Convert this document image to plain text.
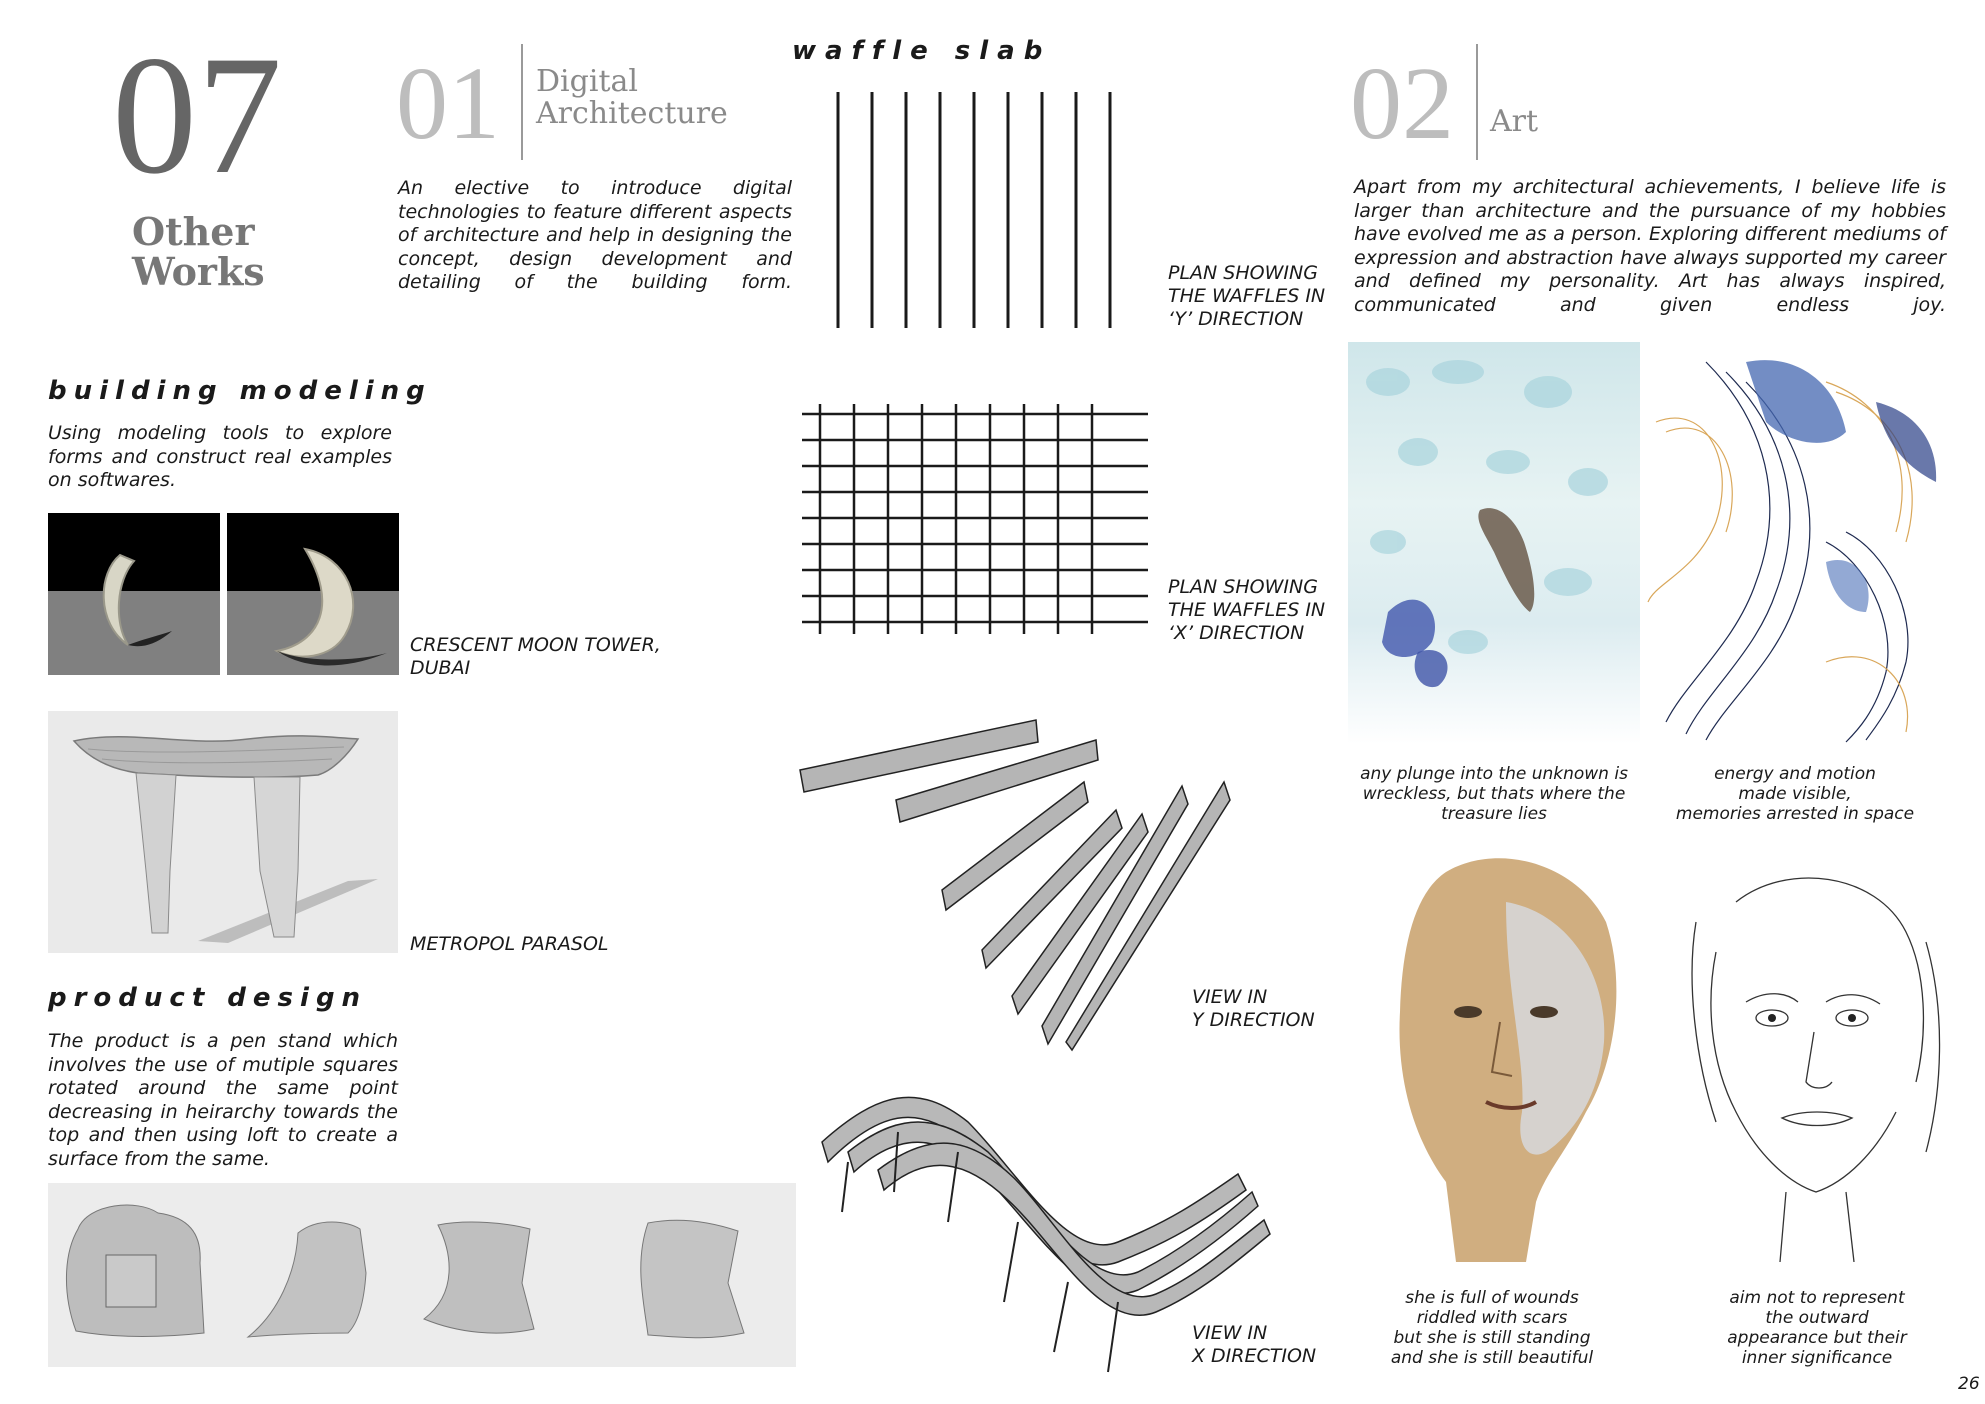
07
Other
Works
01 Digital
Architecture
An elective to introduce digital technologies to feature different aspects of architecture and help in designing the concept, design development and detailing of the building form.
building modeling
Using modeling tools to explore forms and construct real examples on softwares.
CRESCENT MOON TOWER,
DUBAI
METROPOL PARASOL
product design
The product is a pen stand which involves the use of mutiple squares rotated around the same point decreasing in heirarchy towards the top and then using loft to create a surface from the same.
waffle slab
PLAN SHOWING
THE WAFFLES IN
‘Y’ DIRECTION
PLAN SHOWING
THE WAFFLES IN
‘X’ DIRECTION
VIEW IN
Y DIRECTION
VIEW IN
X DIRECTION
02 Art
Apart from my architectural achievements, I believe life is larger than architecture and the pursuance of my hobbies have evolved me as a person. Exploring different mediums of expression and abstraction have always supported my career and defined my personality. Art has always inspired, communicated and given endless joy.
any plunge into the unknown is
wreckless, but thats where the
treasure lies
energy and motion
made visible,
memories arrested in space
she is full of wounds
riddled with scars
but she is still standing
and she is still beautiful
aim not to represent
the outward
appearance but their
inner significance
26
